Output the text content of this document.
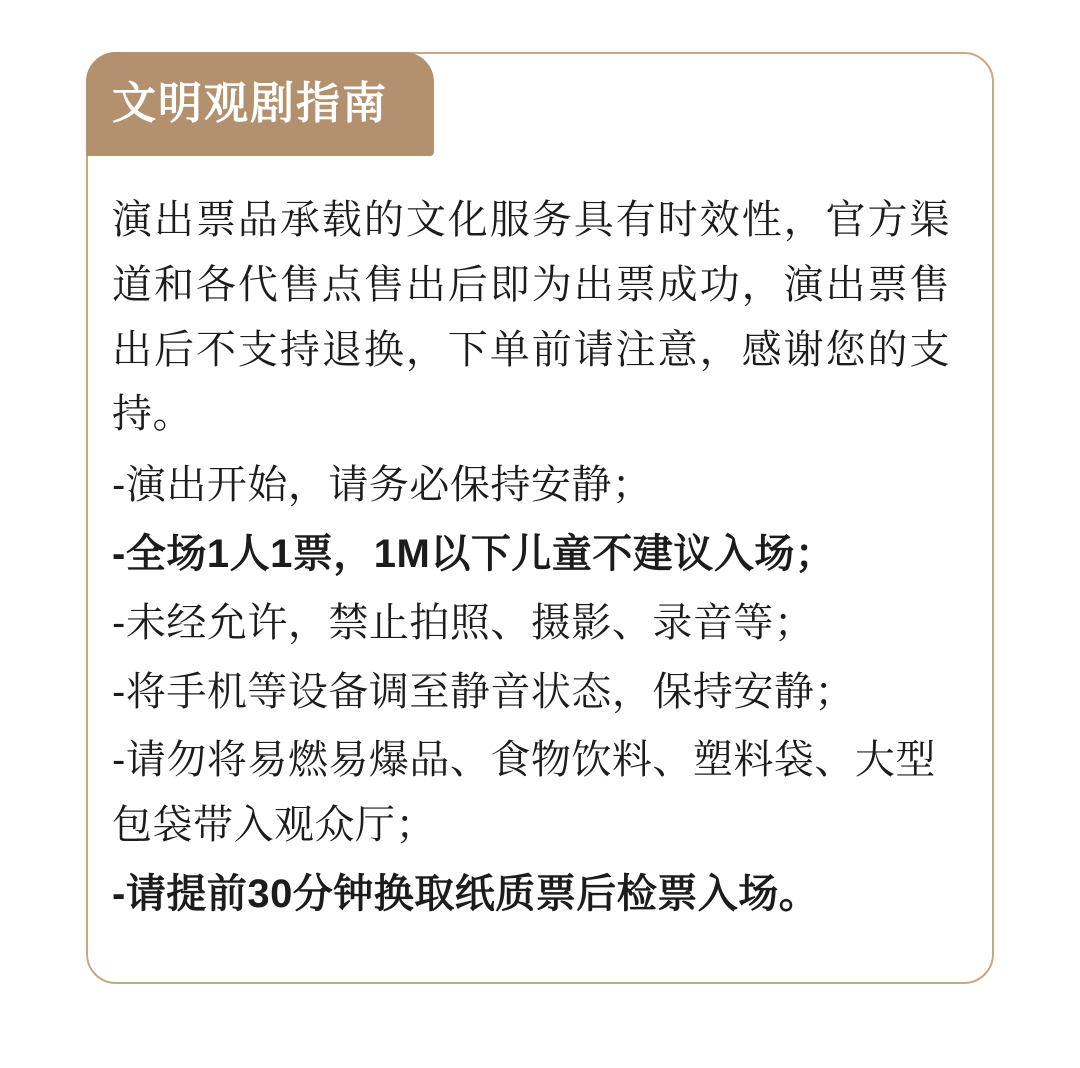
文明观剧指南

演出票品承载的文化服务具有时效性，官方渠道和各代售点售出后即为出票成功，演出票售出后不支持退换，下单前请注意，感谢您的支持。

-演出开始，请务必保持安静；

-全场1人1票，1M以下儿童不建议入场；

-未经允许，禁止拍照、摄影、录音等；

-将手机等设备调至静音状态，保持安静；

-请勿将易燃易爆品、食物饮料、塑料袋、大型包袋带入观众厅；

-请提前30分钟换取纸质票后检票入场。
